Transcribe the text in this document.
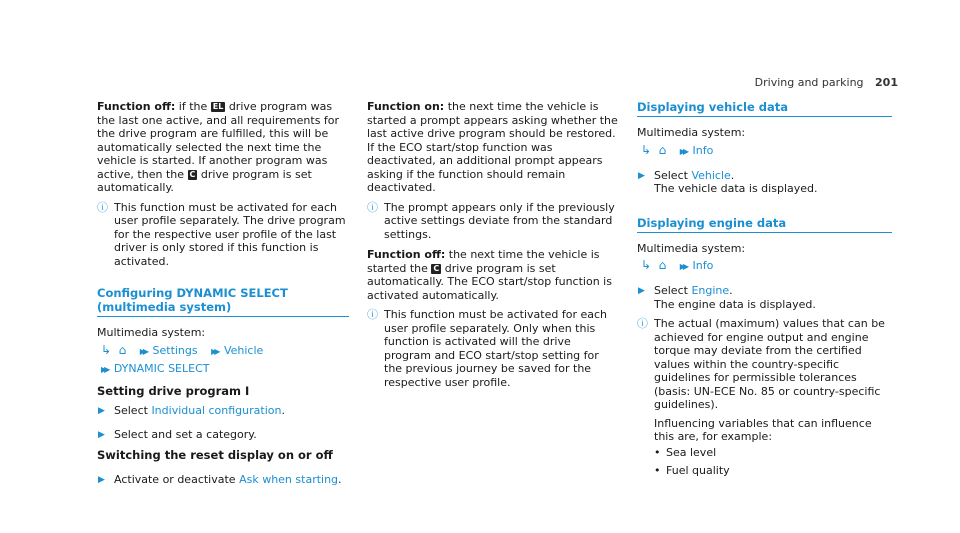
Driving and parking 201

Function off: if the EL drive program was the last one active, and all requirements for the drive program are fulfilled, this will be automatically selected the next time the vehicle is started. If another program was active, then the C drive program is set automatically.

ⓘ This function must be activated for each user profile separately. The drive program for the respective user profile of the last driver is only stored if this function is activated.
Configuring DYNAMIC SELECT (multimedia system)

Multimedia system:

↳ ⌂ ▶▶ Settings ▶▶ Vehicle
▶▶ DYNAMIC SELECT
Setting drive program I
▶ Select Individual configuration.
▶ Select and set a category.
Switching the reset display on or off
▶ Activate or deactivate Ask when starting.

Function on: the next time the vehicle is started a prompt appears asking whether the last active drive program should be restored. If the ECO start/stop function was deactivated, an additional prompt appears asking if the function should remain deactivated.

ⓘ The prompt appears only if the previously active settings deviate from the standard settings.

Function off: the next time the vehicle is started the C drive program is set automatically. The ECO start/stop function is activated automatically.

ⓘ This function must be activated for each user profile separately. Only when this function is activated will the drive program and ECO start/stop setting for the previous journey be saved for the respective user profile.
Displaying vehicle data

Multimedia system:

↳ ⌂ ▶▶ Info
▶ Select Vehicle.
The vehicle data is displayed.
Displaying engine data

Multimedia system:

↳ ⌂ ▶▶ Info
▶ Select Engine.
The engine data is displayed.
ⓘ The actual (maximum) values that can be achieved for engine output and engine torque may deviate from the certified values within the country-specific guidelines for permissible tolerances (basis: UN-ECE No. 85 or country-specific guidelines).
Influencing variables that can influence this are, for example:
• Sea level
• Fuel quality
